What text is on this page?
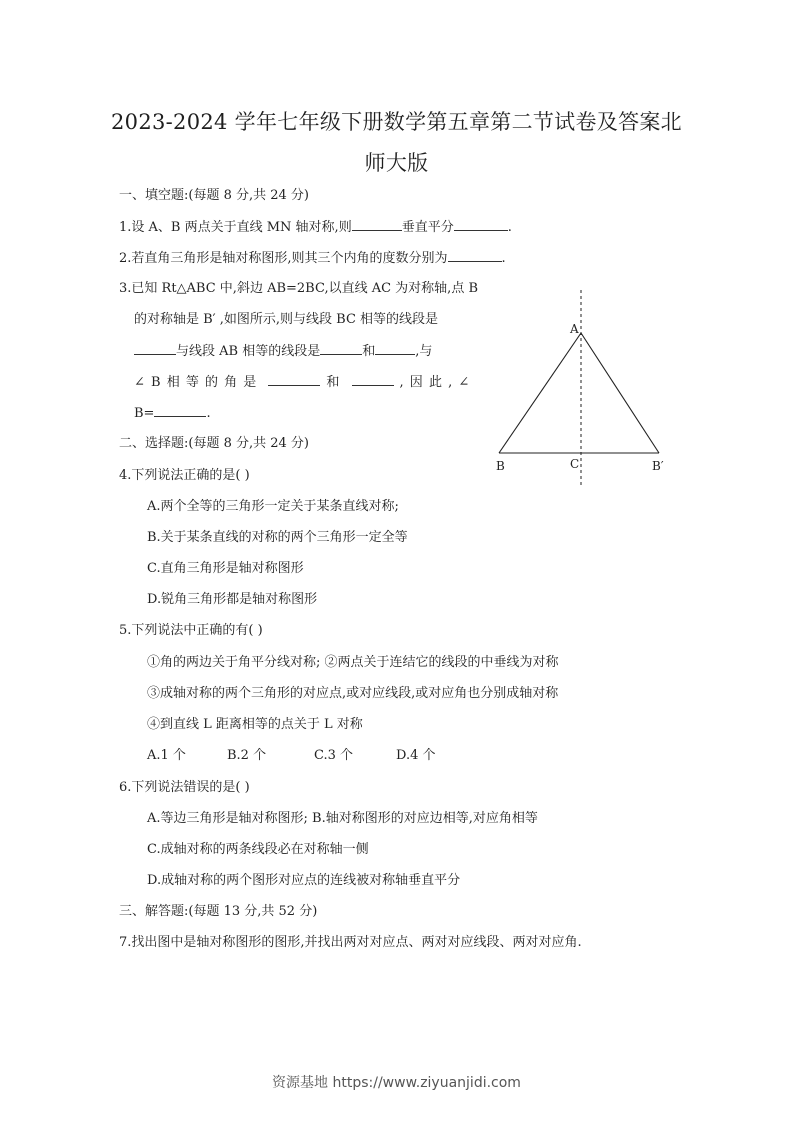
2023-2024 学年七年级下册数学第五章第二节试卷及答案北
师大版
一、填空题:(每题 8 分,共 24 分)
1.设 A、B 两点关于直线 MN 轴对称,则	垂直平分	.
2.若直角三角形是轴对称图形,则其三个内角的度数分别为	.
3.已知 Rt△ABC 中,斜边 AB=2BC,以直线 AC 为对称轴,点 B
的对称轴是 B′ ,如图所示,则与线段 BC 相等的线段是
与线段 AB 相等的线段是	和	,与
∠ B 相 等 的 角 是	和	, 因 此 , ∠
B=	.
A
B	C	B′
二、选择题:(每题 8 分,共 24 分)
4.下列说法正确的是( )
A.两个全等的三角形一定关于某条直线对称;
B.关于某条直线的对称的两个三角形一定全等
C.直角三角形是轴对称图形
D.锐角三角形都是轴对称图形
5.下列说法中正确的有( )
①角的两边关于角平分线对称; ②两点关于连结它的线段的中垂线为对称
③成轴对称的两个三角形的对应点,或对应线段,或对应角也分别成轴对称
④到直线 L 距离相等的点关于 L 对称
A.1 个	B.2 个	C.3 个	D.4 个
6.下列说法错误的是( )
A.等边三角形是轴对称图形; B.轴对称图形的对应边相等,对应角相等
C.成轴对称的两条线段必在对称轴一侧
D.成轴对称的两个图形对应点的连线被对称轴垂直平分
三、解答题:(每题 13 分,共 52 分)
7.找出图中是轴对称图形的图形,并找出两对对应点、两对对应线段、两对对应角.
资源基地 https://www.ziyuanjidi.com
